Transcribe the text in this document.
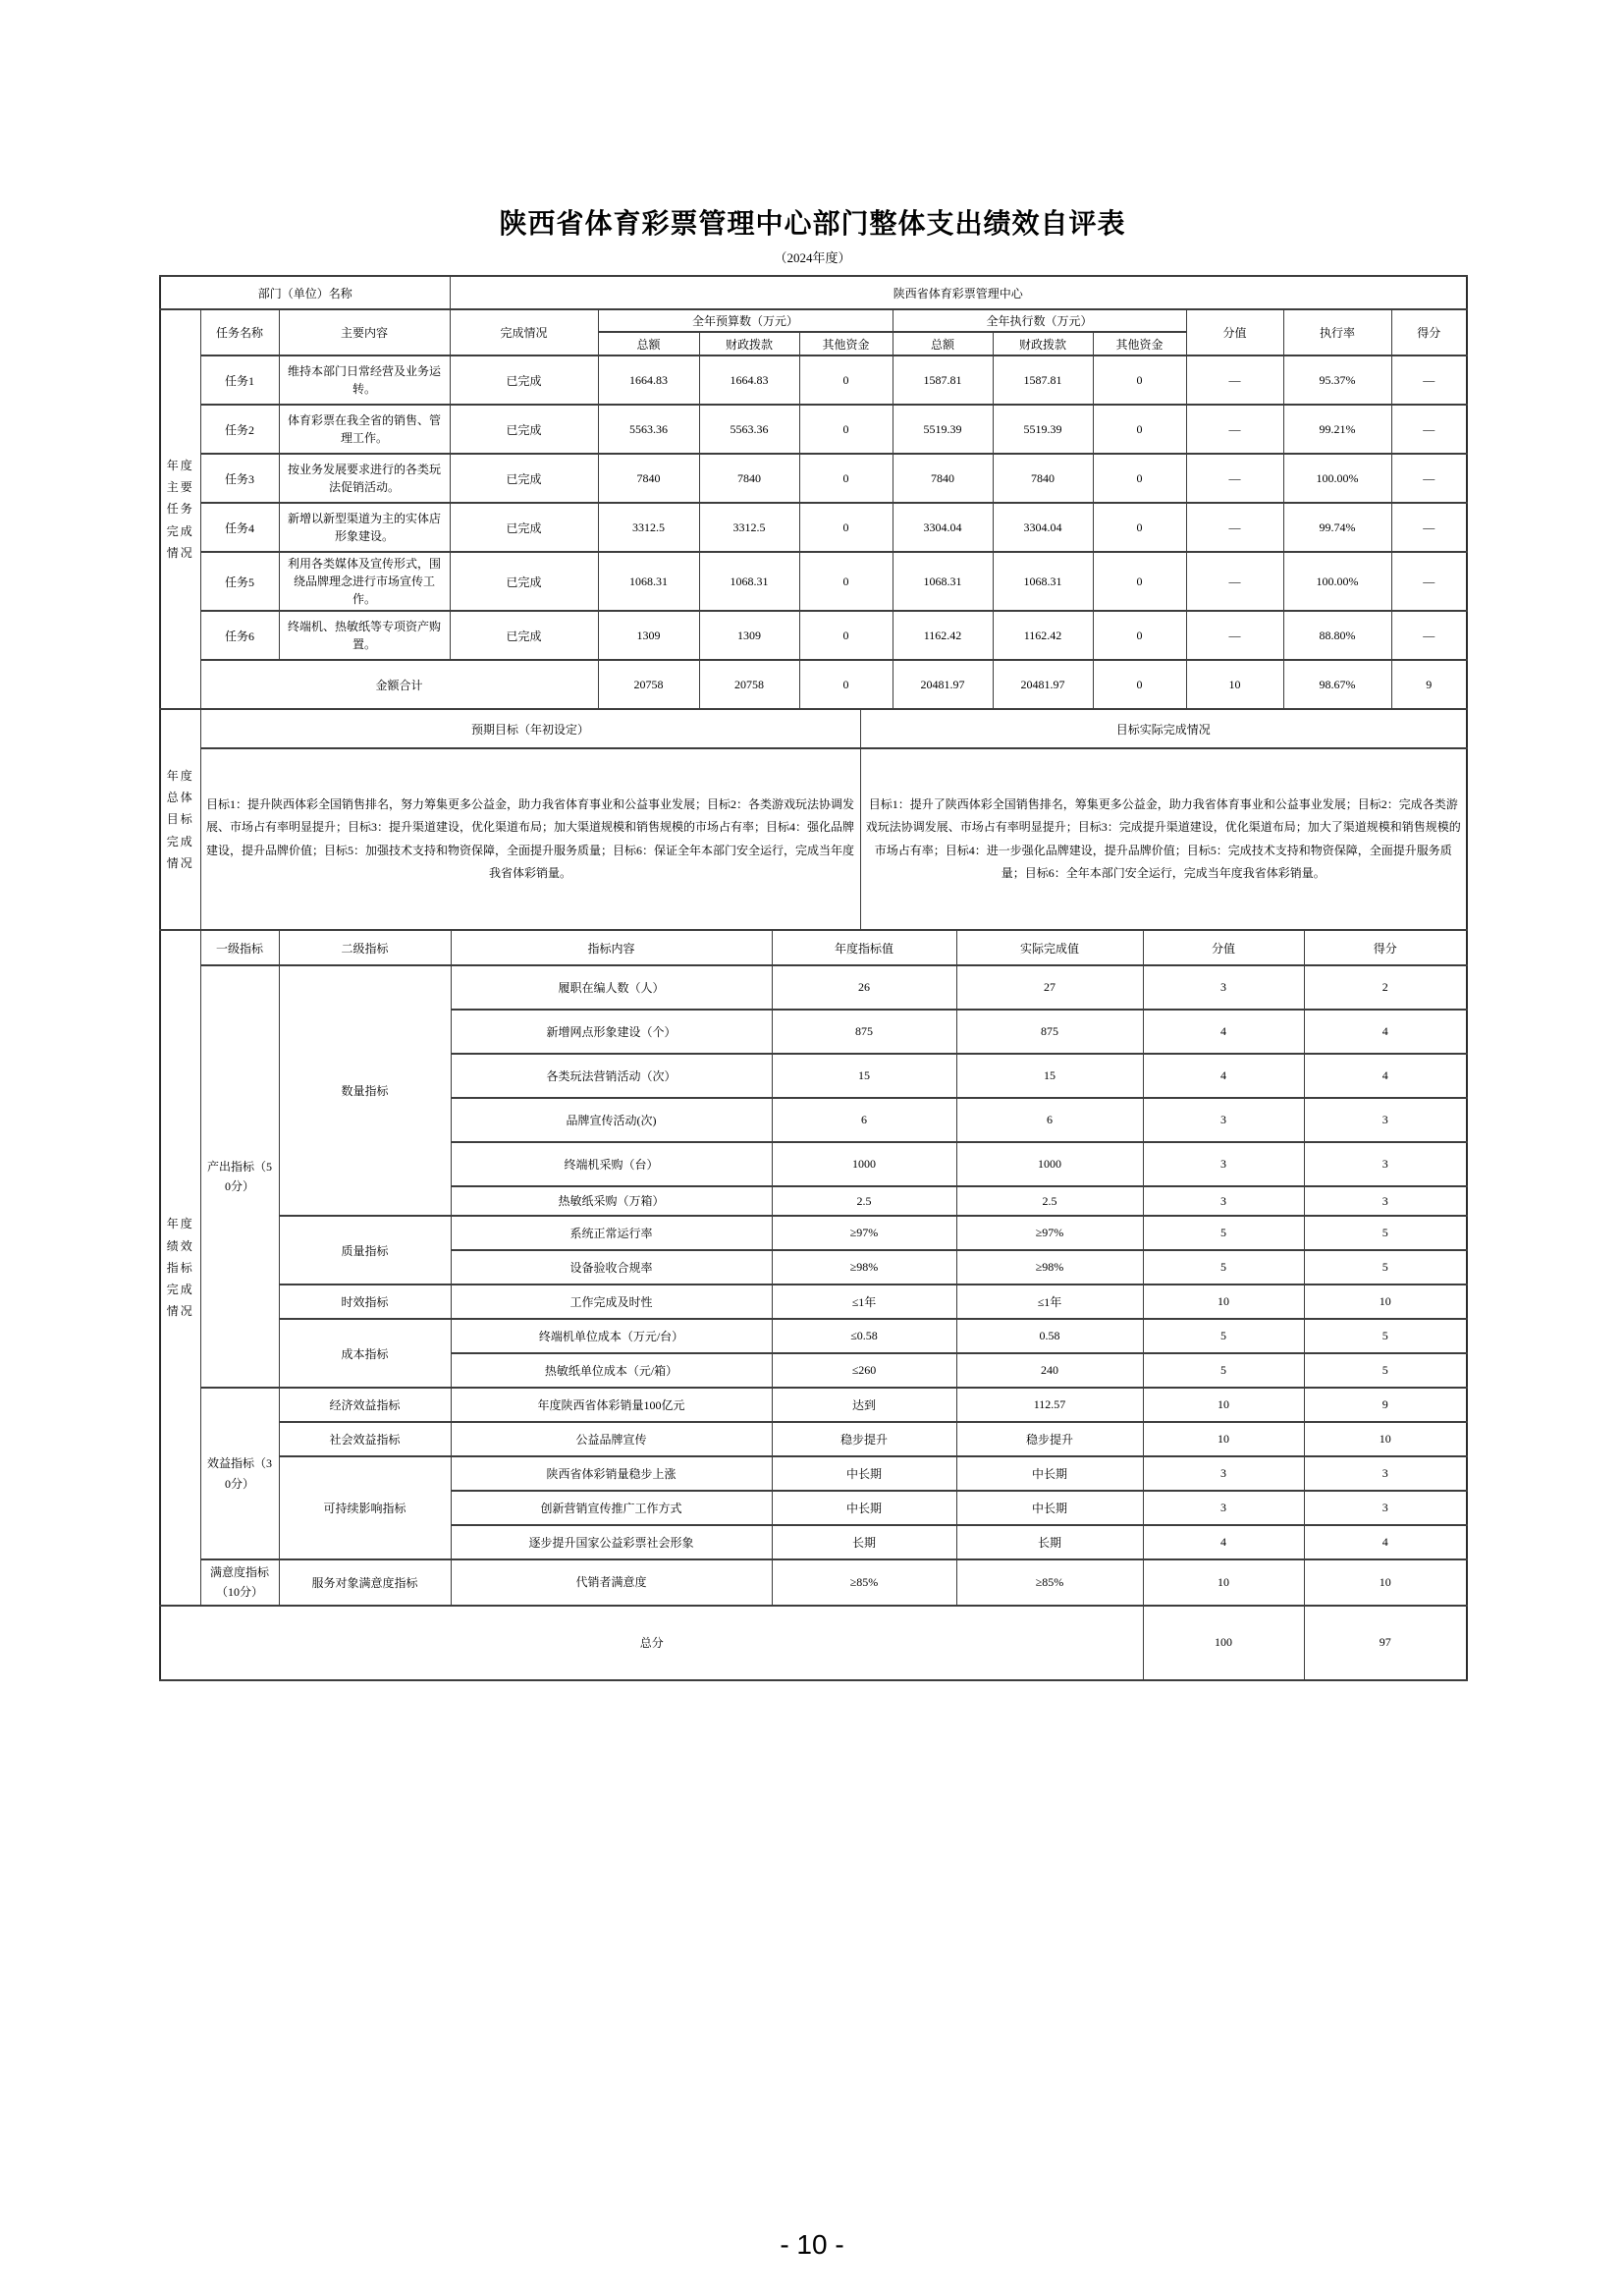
陕西省体育彩票管理中心部门整体支出绩效自评表
（2024年度）
部门（单位）名称			陕西省体育彩票管理中心									
年度主要任务完成情况	任务名称	主要内容	完成情况	全年预算数（万元）			全年执行数（万元）			分值	执行率	得分
				总额	财政拨款	其他资金	总额	财政拨款	其他资金			
	任务1	维持本部门日常经营及业务运转。	已完成	1664.83	1664.83	0	1587.81	1587.81	0	—	95.37%	—
	任务2	体育彩票在我全省的销售、管理工作。	已完成	5563.36	5563.36	0	5519.39	5519.39	0	—	99.21%	—
	任务3	按业务发展要求进行的各类玩法促销活动。	已完成	7840	7840	0	7840	7840	0	—	100.00%	—
	任务4	新增以新型渠道为主的实体店形象建设。	已完成	3312.5	3312.5	0	3304.04	3304.04	0	—	99.74%	—
	任务5	利用各类媒体及宣传形式，围绕品牌理念进行市场宣传工作。	已完成	1068.31	1068.31	0	1068.31	1068.31	0	—	100.00%	—
	任务6	终端机、热敏纸等专项资产购置。	已完成	1309	1309	0	1162.42	1162.42	0	—	88.80%	—
	金额合计			20758	20758	0	20481.97	20481.97	0	10	98.67%	9
年度总体目标完成情况	预期目标（年初设定）	目标实际完成情况
	目标1：提升陕西体彩全国销售排名，努力筹集更多公益金，助力我省体育事业和公益事业发展；目标2：各类游戏玩法协调发展、市场占有率明显提升；目标3：提升渠道建设，优化渠道布局；加大渠道规模和销售规模的市场占有率；目标4：强化品牌建设，提升品牌价值；目标5：加强技术支持和物资保障，全面提升服务质量；目标6：保证全年本部门安全运行，完成当年度我省体彩销量。	目标1：提升了陕西体彩全国销售排名，筹集更多公益金，助力我省体育事业和公益事业发展；目标2：完成各类游戏玩法协调发展、市场占有率明显提升；目标3：完成提升渠道建设，优化渠道布局；加大了渠道规模和销售规模的市场占有率；目标4：进一步强化品牌建设，提升品牌价值；目标5：完成技术支持和物资保障，全面提升服务质量；目标6：全年本部门安全运行，完成当年度我省体彩销量。
年度绩效指标完成情况	一级指标	二级指标	指标内容	年度指标值	实际完成值	分值	得分
	产出指标（50分）	数量指标	履职在编人数（人）	26	27	3	2
			新增网点形象建设（个）	875	875	4	4
			各类玩法营销活动（次）	15	15	4	4
			品牌宣传活动(次)	6	6	3	3
			终端机采购（台）	1000	1000	3	3
			热敏纸采购（万箱）	2.5	2.5	3	3
		质量指标	系统正常运行率	≥97%	≥97%	5	5
			设备验收合规率	≥98%	≥98%	5	5
		时效指标	工作完成及时性	≤1年	≤1年	10	10
		成本指标	终端机单位成本（万元/台）	≤0.58	0.58	5	5
			热敏纸单位成本（元/箱）	≤260	240	5	5
	效益指标（30分）	经济效益指标	年度陕西省体彩销量100亿元	达到	112.57	10	9
		社会效益指标	公益品牌宣传	稳步提升	稳步提升	10	10
		可持续影响指标	陕西省体彩销量稳步上涨	中长期	中长期	3	3
			创新营销宣传推广工作方式	中长期	中长期	3	3
			逐步提升国家公益彩票社会形象	长期	长期	4	4
	满意度指标（10分）	服务对象满意度指标	代销者满意度	≥85%	≥85%	10	10
总分						100	97
- 10 -
